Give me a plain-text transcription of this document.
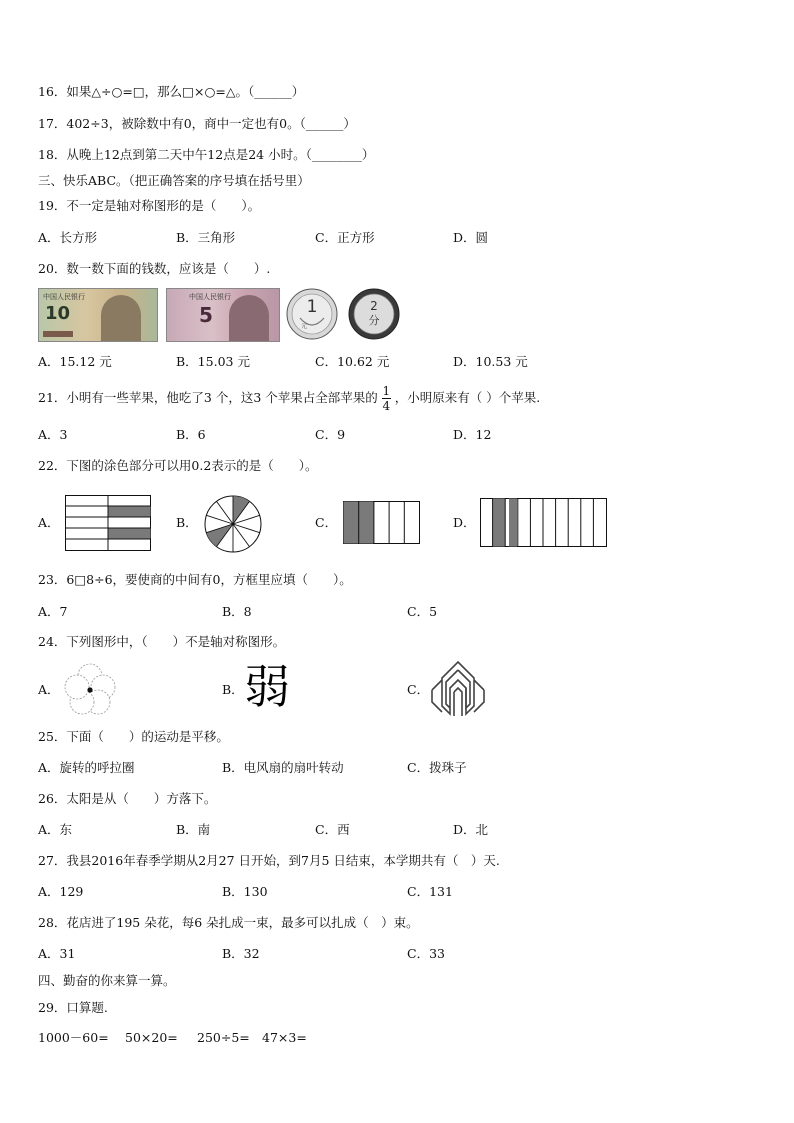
16．如果△÷○=□，那么□×○=△。（______）
17．402÷3，被除数中有0，商中一定也有0。（______）
18．从晚上12点到第二天中午12点是24 小时。（________）
三、快乐ABC。（把正确答案的序号填在括号里）
19．不一定是轴对称图形的是（　　）。
A．长方形	B．三角形	C．正方形	D．圆
20．数一数下面的钱数，应该是（　　）.
中国人民银行
10
中国人民银行
5	1
元
2
分
A．15.12 元	B．15.03 元	C．10.62 元	D．10.53 元
21．小明有一些苹果，他吃了3 个，这3 个苹果占全部苹果的 $\frac{1}{4}$ ，小明原来有（ ）个苹果.
A．3	B．6	C．9	D．12
22．下图的涂色部分可以用0.2表示的是（　　）。
A．	B．	C．	D．
23．6□8÷6，要使商的中间有0，方框里应填（　　）。
A．7	B．8	C．5
24．下列图形中，（　　）不是轴对称图形。
A．	B． 弱	C．
25．下面（　　）的运动是平移。
A．旋转的呼拉圈	B．电风扇的扇叶转动	C．拨珠子
26．太阳是从（　　）方落下。
A．东	B．南	C．西	D．北
27．我县2016年春季学期从2月27 日开始，到7月5 日结束，本学期共有（　）天.
A．129	B．130	C．131
28．花店进了195 朵花，每6 朵扎成一束，最多可以扎成（　）束。
A．31	B．32	C．33
四、勤奋的你来算一算。
29．口算题.
1000－60= 50×20= 250÷5= 47×3=
